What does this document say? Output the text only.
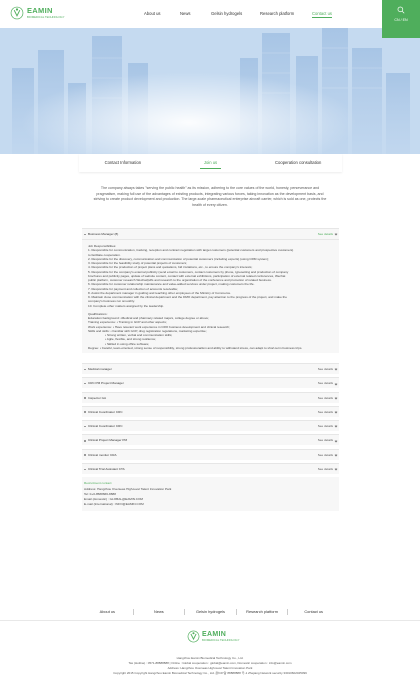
EAMIN
BIOMEDICAL TECHNOLOGY
About us	News	Gelsin hydrogels	Research platform	Contact us
CN / EN
Contact Information	Join us	Cooperation consultation

The company always takes "serving the public health" as its mission, adhering to the core values of the world, honesty, perseverance and pragmatism, making full use of the advantages of existing products, integrating various forces, taking innovation as the development basis, and striving to create product development and production. The large-scale pharmaceutical enterprise aircraft carrier, which is sold as one, protects the health of every citizen.

Business Manager (8)	See details
Job Responsibilities:
1. Responsible for communication, tracking, reception and contract negotiation with target customers (potential customers and prospective customers)
to facilitate cooperation.
2. Responsible for the discovery, communication and communication of potential customers (including experts) (using CRM system);
3. Responsible for the feasibility study of potential projects of customers;
4. Responsible for the production of project plans and quotations, bid invitations, etc., to ensure the company's interests;
5. Responsible for the company's external publicity (send email to customers, contact customers by phone, typesetting and production of company
brochures and publicity pages, update of website content, contact with external exhibitions, participation of external related conferences, Wechat
public platform, customer research Wechat/pdfs and research to the organization of the conference and promotion of related business.
6. Responsible for customer relationship maintenance and value-added services under project, making customers the life.
7. Responsible for payment and collection of accounts receivable;
8. Assist the department manager in guiding and teaching other employees of the Ministry of Commerce.
9. Maintain close communication with the clinical department and the DMO department, pay attention to the progress of the project, and make the
company's business run smoothly.
10. Complete other matters assigned by the leadership.
Qualifications:
Education background: •Medical and pharmacy related majors, college degree or above;
Training experience: • Training in GCP and other aspects;
Work experience: • Have relevant work experience in CRO business development and clinical research;
Skills and skills: • Familiar with GCP, drug registration regulations, marketing expertise;
• Strong written, verbal and communication skills;
• Agile, flexible, and strong resilience;
• Skilled in using office software;
Degree: • Careful, team-oriented, strong sense of responsibility, strong professionalism and ability to withstand stress, can adapt to short-term business trips.
Medical manager	See details
CRC PM Project Manager	See details
Inspector GA	See details
Clinical Coordinator CRC	See details
Clinical Coordinator CRC	See details
Clinical Project Manager PM	See details
Clinical monitor CRA	See details
Clinical Trial Assistant CTA	See details
Recruitment contact
Address: Hangzhou Overseas High-level Talent Innovation Park
Tel: 0+0-8588666-8888
Email (domestic) : GLOBAL@EAMIN.COM
E-mail (International) : INFO@EAMIN.COM
About us	News	Gelsin hydrogels	Research platform	Contact us
EAMIN
BIOMEDICAL TECHNOLOGY
Hangzhou Eamin Biomedical Technology Co., Ltd.
Tax (Hotline) : 0571-88888888 | Online : Global cooperation : global@eamin.com, Domestic cooperation : info@eamin.com
Address: Hangzhou Overseas High-level Talent Innovation Park
Copyright 2015 Copyright Hangzhou Eamin Biomedical Technology Co., Ltd. 浙ICP备 88888888 号-1 Zhejiang Network security 33010602045099
